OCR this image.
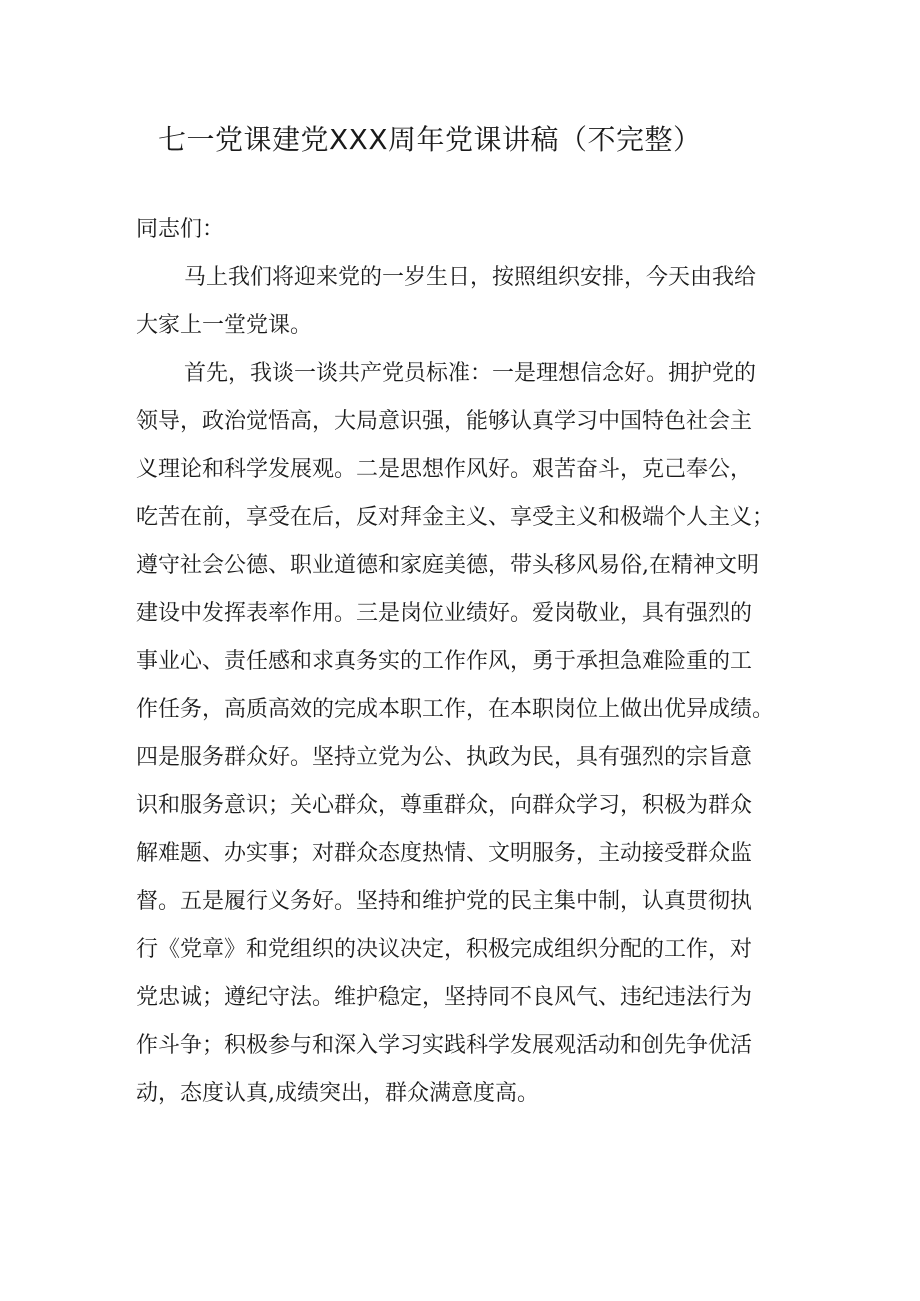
七一党课建党XXX周年党课讲稿（不完整）

同志们：

马上我们将迎来党的一岁生日，按照组织安排，今天由我给

大家上一堂党课。

首先，我谈一谈共产党员标准：一是理想信念好。拥护党的

领导，政治觉悟高，大局意识强，能够认真学习中国特色社会主

义理论和科学发展观。二是思想作风好。艰苦奋斗，克己奉公，

吃苦在前，享受在后，反对拜金主义、享受主义和极端个人主义；

遵守社会公德、职业道德和家庭美德，带头移风易俗,在精神文明

建设中发挥表率作用。三是岗位业绩好。爱岗敬业，具有强烈的

事业心、责任感和求真务实的工作作风，勇于承担急难险重的工

作任务，高质高效的完成本职工作，在本职岗位上做出优异成绩。

四是服务群众好。坚持立党为公、执政为民，具有强烈的宗旨意

识和服务意识；关心群众，尊重群众，向群众学习，积极为群众

解难题、办实事；对群众态度热情、文明服务，主动接受群众监

督。五是履行义务好。坚持和维护党的民主集中制，认真贯彻执

行《党章》和党组织的决议决定，积极完成组织分配的工作，对

党忠诚；遵纪守法。维护稳定，坚持同不良风气、违纪违法行为

作斗争；积极参与和深入学习实践科学发展观活动和创先争优活

动，态度认真,成绩突出，群众满意度高。
